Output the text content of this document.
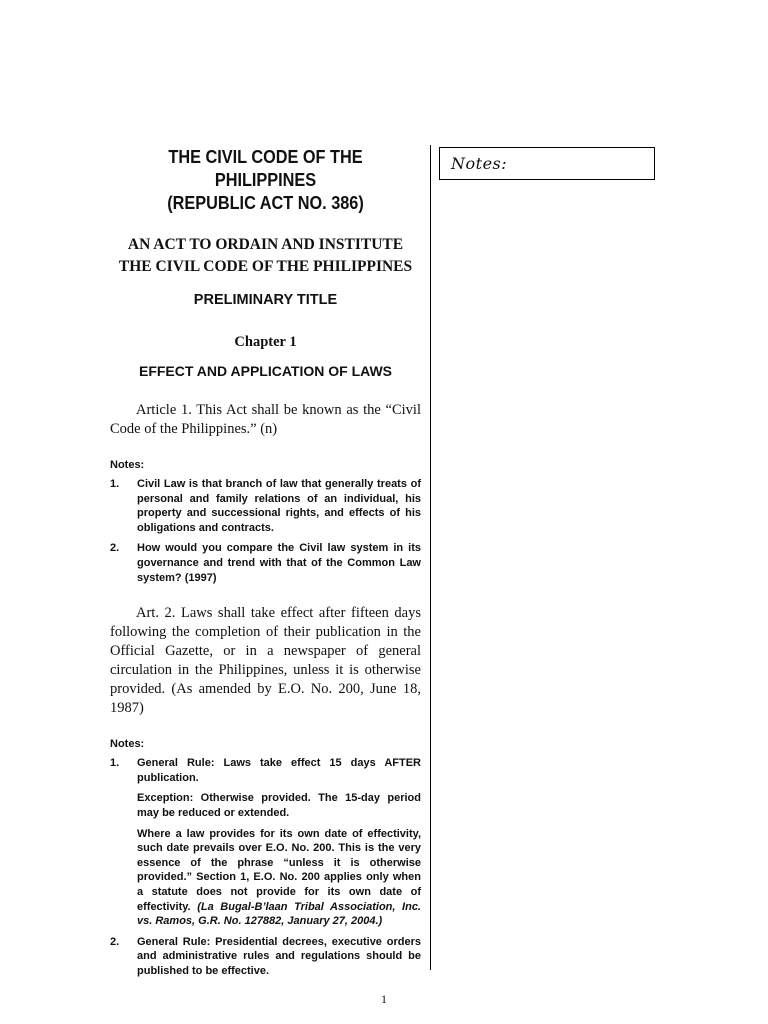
THE CIVIL CODE OF THE PHILIPPINES
(REPUBLIC ACT NO. 386)
AN ACT TO ORDAIN AND INSTITUTE
THE CIVIL CODE OF THE PHILIPPINES
PRELIMINARY TITLE
Chapter 1
EFFECT AND APPLICATION OF LAWS

Article 1. This Act shall be known as the “Civil Code of the Philippines.” (n)

Notes:
1.	Civil Law is that branch of law that generally treats of personal and family relations of an individual, his property and successional rights, and effects of his obligations and contracts.
2.	How would you compare the Civil law system in its governance and trend with that of the Common Law system? (1997)

Art. 2. Laws shall take effect after fifteen days following the completion of their publication in the Official Gazette, or in a newspaper of general circulation in the Philippines, unless it is otherwise provided. (As amended by E.O. No. 200, June 18, 1987)

Notes:
1.	General Rule: Laws take effect 15 days AFTER publication.
Exception: Otherwise provided. The 15-day period may be reduced or extended.
Where a law provides for its own date of effectivity, such date prevails over E.O. No. 200. This is the very essence of the phrase “unless it is otherwise provided.” Section 1, E.O. No. 200 applies only when a statute does not provide for its own date of effectivity. (La Bugal-B’laan Tribal Association, Inc. vs. Ramos, G.R. No. 127882, January 27, 2004.)
2.	General Rule: Presidential decrees, executive orders and administrative rules and regulations should be published to be effective.
Notes:
1
